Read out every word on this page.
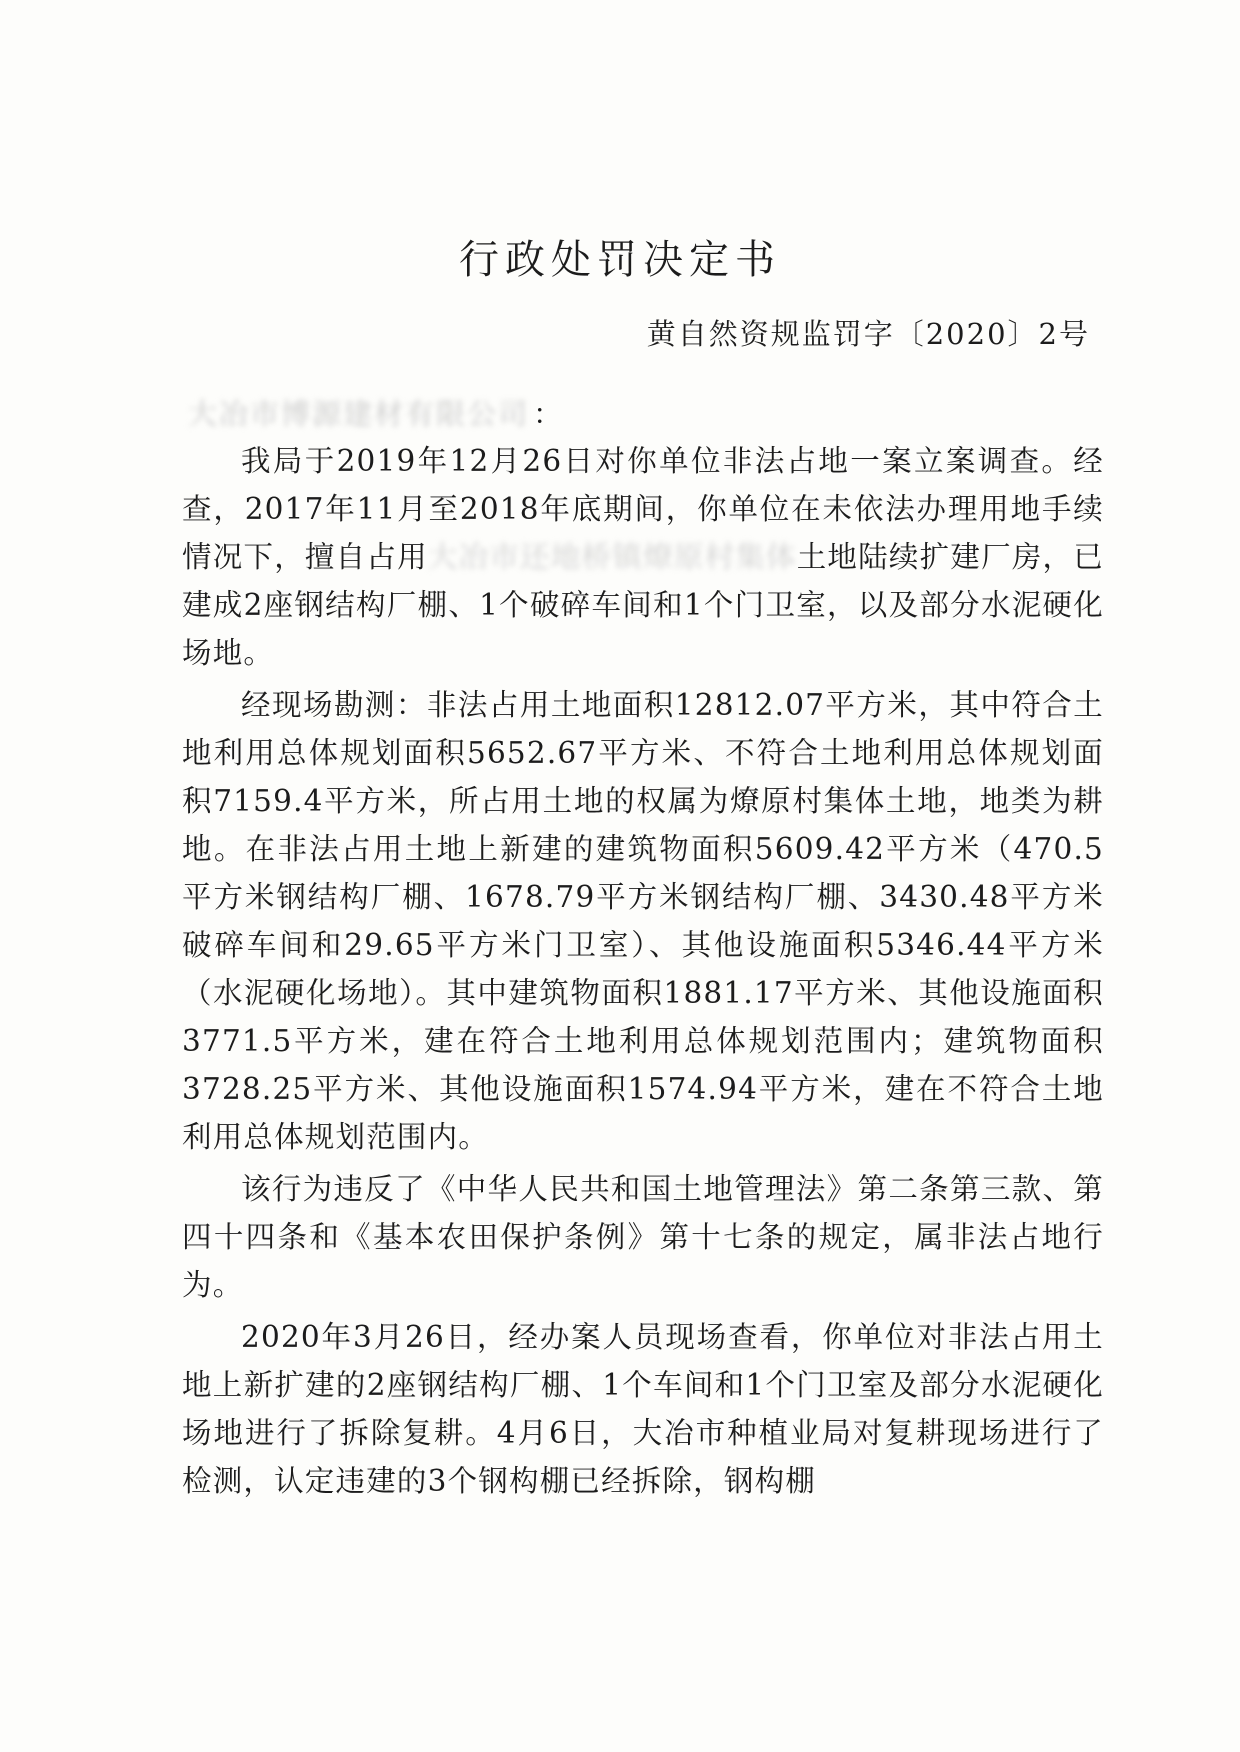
行政处罚决定书
黄自然资规监罚字〔2020〕2号
大冶市博源建材有限公司 ：

我局于2019年12月26日对你单位非法占地一案立案调查。经查，2017年11月至2018年底期间，你单位在未依法办理用地手续情况下，擅自占用大冶市还地桥镇燎原村集体土地陆续扩建厂房，已建成2座钢结构厂棚、1个破碎车间和1个门卫室，以及部分水泥硬化场地。

经现场勘测：非法占用土地面积12812.07平方米，其中符合土地利用总体规划面积5652.67平方米、不符合土地利用总体规划面积7159.4平方米，所占用土地的权属为燎原村集体土地，地类为耕地。在非法占用土地上新建的建筑物面积5609.42平方米（470.5平方米钢结构厂棚、1678.79平方米钢结构厂棚、3430.48平方米破碎车间和29.65平方米门卫室）、其他设施面积5346.44平方米（水泥硬化场地）。其中建筑物面积1881.17平方米、其他设施面积3771.5平方米，建在符合土地利用总体规划范围内；建筑物面积3728.25平方米、其他设施面积1574.94平方米，建在不符合土地利用总体规划范围内。

该行为违反了《中华人民共和国土地管理法》第二条第三款、第四十四条和《基本农田保护条例》第十七条的规定，属非法占地行为。

2020年3月26日，经办案人员现场查看，你单位对非法占用土地上新扩建的2座钢结构厂棚、1个车间和1个门卫室及部分水泥硬化场地进行了拆除复耕。4月6日，大冶市种植业局对复耕现场进行了检测，认定违建的3个钢构棚已经拆除，钢构棚
